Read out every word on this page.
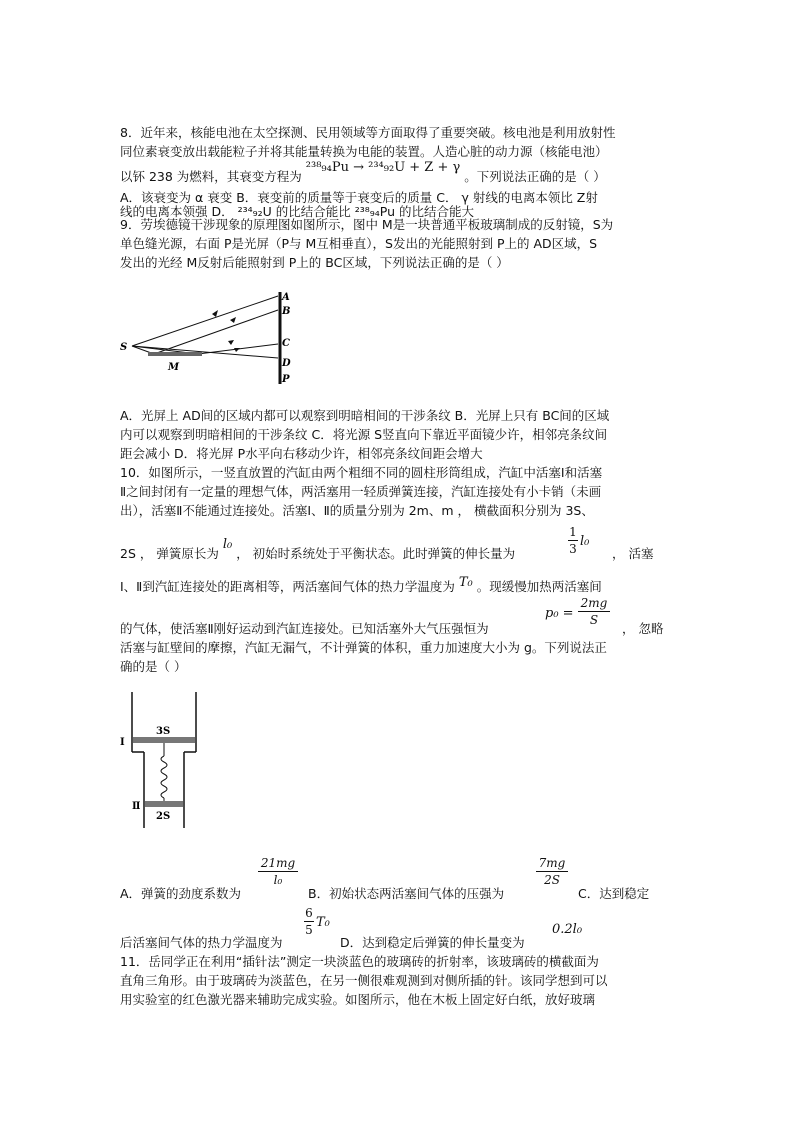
8．近年来，核能电池在太空探测、民用领域等方面取得了重要突破。核电池是利用放射性
同位素衰变放出载能粒子并将其能量转换为电能的装置。人造心脏的动力源（核能电池）
以钚 238 为燃料，其衰变方程为 ²³⁸₉₄Pu → ²³⁴₉₂U + Z + γ 。下列说法正确的是（ ）
A．该衰变为 α 衰变 B．衰变前的质量等于衰变后的质量 C． γ 射线的电离本领比 Z射
线的电离本领强 D． ²³⁴₉₂U 的比结合能比 ²³⁸₉₄Pu 的比结合能大
9．劳埃德镜干涉现象的原理图如图所示，图中 M是一块普通平板玻璃制成的反射镜，S为
单色缝光源，右面 P是光屏（P与 M互相垂直），S发出的光能照射到 P上的 AD区域，S
发出的光经 M反射后能照射到 P上的 BC区域，下列说法正确的是（ ）
A
B
C
D
P
S
M
A．光屏上 AD间的区域内都可以观察到明暗相间的干涉条纹 B．光屏上只有 BC间的区域
内可以观察到明暗相间的干涉条纹 C．将光源 S竖直向下靠近平面镜少许，相邻亮条纹间
距会减小 D．将光屏 P水平向右移动少许，相邻亮条纹间距会增大
10．如图所示，一竖直放置的汽缸由两个粗细不同的圆柱形筒组成，汽缸中活塞Ⅰ和活塞
Ⅱ之间封闭有一定量的理想气体，两活塞用一轻质弹簧连接，汽缸连接处有小卡销（未画
出），活塞Ⅱ不能通过连接处。活塞Ⅰ、Ⅱ的质量分别为 2m、m ， 横截面积分别为 3S、
2S ， 弹簧原长为 l₀ ， 初始时系统处于平衡状态。此时弹簧的伸长量为
1
3 l₀
， 活塞
Ⅰ、Ⅱ到汽缸连接处的距离相等，两活塞间气体的热力学温度为 T₀ 。现缓慢加热两活塞间
的气体，使活塞Ⅱ刚好运动到汽缸连接处。已知活塞外大气压强恒为
p₀ =
2mg
S
， 忽略
活塞与缸壁间的摩擦，汽缸无漏气，不计弹簧的体积，重力加速度大小为 g。下列说法正
确的是（ ）
3S
2S
Ⅰ
Ⅱ
A．弹簧的劲度系数为
21mg
l₀
B．初始状态两活塞间气体的压强为
7mg
2S
C．达到稳定
后活塞间气体的热力学温度为
6
5 T₀
D．达到稳定后弹簧的伸长量变为
0.2l₀
11．岳同学正在利用“插针法”测定一块淡蓝色的玻璃砖的折射率，该玻璃砖的横截面为
直角三角形。由于玻璃砖为淡蓝色，在另一侧很难观测到对侧所插的针。该同学想到可以
用实验室的红色激光器来辅助完成实验。如图所示，他在木板上固定好白纸，放好玻璃
